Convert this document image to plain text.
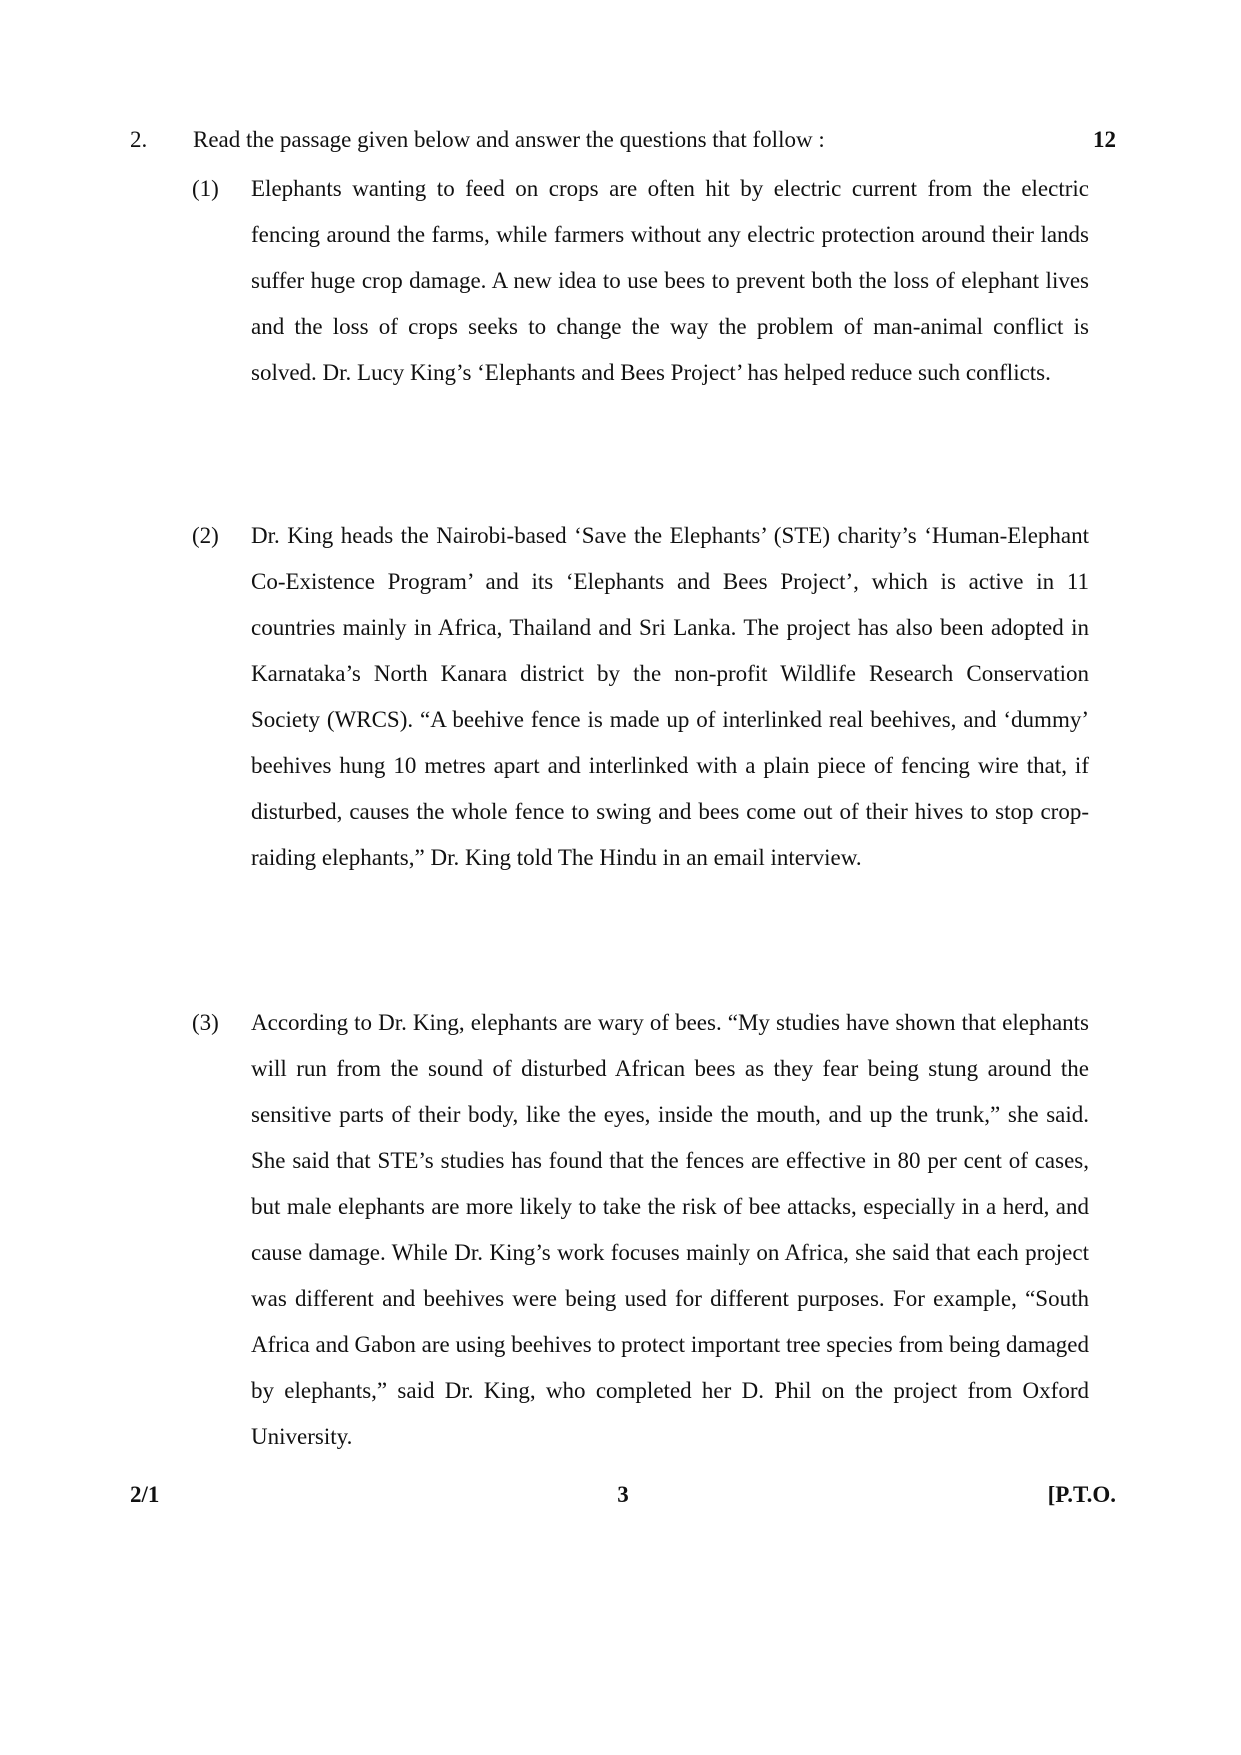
2. Read the passage given below and answer the questions that follow :	12
(1) Elephants wanting to feed on crops are often hit by electric current from the electric fencing around the farms, while farmers without any electric protection around their lands suffer huge crop damage. A new idea to use bees to prevent both the loss of elephant lives and the loss of crops seeks to change the way the problem of man-animal conflict is solved. Dr. Lucy King’s ‘Elephants and Bees Project’ has helped reduce such conflicts.

(2) Dr. King heads the Nairobi-based ‘Save the Elephants’ (STE) charity’s ‘Human-Elephant Co-Existence Program’ and its ‘Elephants and Bees Project’, which is active in 11 countries mainly in Africa, Thailand and Sri Lanka. The project has also been adopted in Karnataka’s North Kanara district by the non-profit Wildlife Research Conservation Society (WRCS). “A beehive fence is made up of interlinked real beehives, and ‘dummy’ beehives hung 10 metres apart and interlinked with a plain piece of fencing wire that, if disturbed, causes the whole fence to swing and bees come out of their hives to stop crop-raiding elephants,” Dr. King told The Hindu in an email interview.

(3) According to Dr. King, elephants are wary of bees. “My studies have shown that elephants will run from the sound of disturbed African bees as they fear being stung around the sensitive parts of their body, like the eyes, inside the mouth, and up the trunk,” she said. She said that STE’s studies has found that the fences are effective in 80 per cent of cases, but male elephants are more likely to take the risk of bee attacks, especially in a herd, and cause damage. While Dr. King’s work focuses mainly on Africa, she said that each project was different and beehives were being used for different purposes. For example, “South Africa and Gabon are using beehives to protect important tree species from being damaged by elephants,” said Dr. King, who completed her D. Phil on the project from Oxford University.

2/1	3	[P.T.O.
